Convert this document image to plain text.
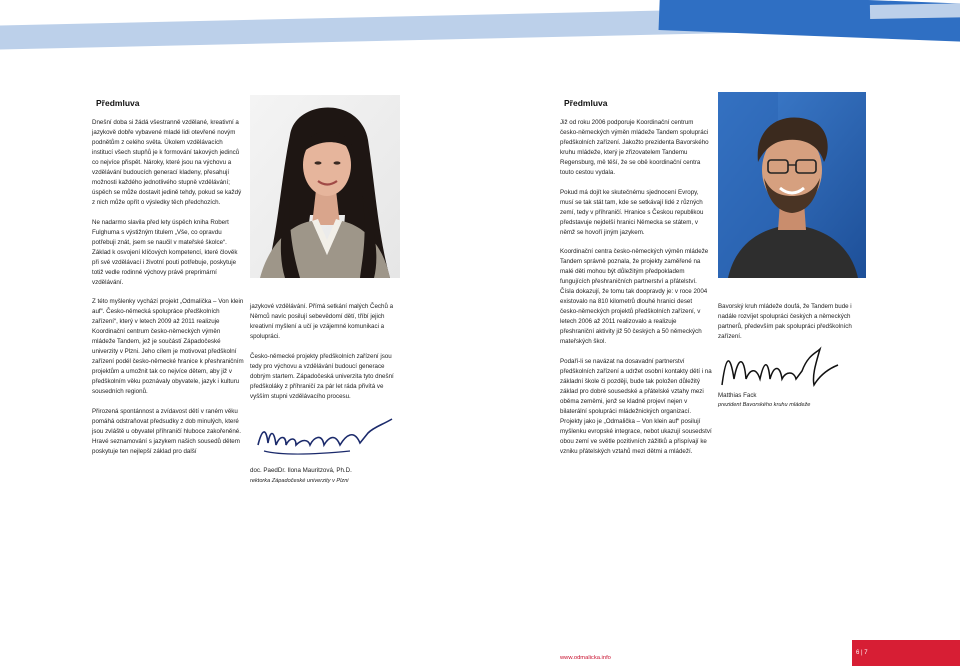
Předmluva

Dnešní doba si žádá všestranně vzdělané, kreativní a jazykově dobře vybavené mladé lidi otevřené novým podnětům z celého světa. Úkolem vzdělávacích institucí všech stupňů je k formování takových jedinců co nejvíce přispět. Nároky, které jsou na výchovu a vzdělávání budoucích generací kladeny, přesahují možnosti každého jednotlivého stupně vzdělávání; úspěch se může dostavit jedině tehdy, pokud se každý z nich může opřít o výsledky těch předchozích.

Ne nadarmo slavila před lety úspěch kniha Robert Fulghuma s výstižným titulem „Vše, co opravdu potřebuji znát, jsem se naučil v mateřské školce“. Základ k osvojení klíčových kompetencí, které člověk při své vzdělávací i životní pouti potřebuje, poskytuje totiž vedle rodinné výchovy právě preprimární vzdělávání.

Z této myšlenky vychází projekt „Odmalička – Von klein auf“. Česko-německá spolupráce předškolních zařízení“, který v letech 2009 až 2011 realizuje Koordinační centrum česko-německých výměn mládeže Tandem, jež je součástí Západočeské univerzity v Plzni. Jeho cílem je motivovat předškolní zařízení podél česko-německé hranice k přeshraničním projektům a umožnit tak co nejvíce dětem, aby již v předškolním věku poznávaly obyvatele, jazyk i kulturu sousedních regionů.

Přirozená spontánnost a zvídavost dětí v raném věku pomáhá odstraňovat předsudky z dob minulých, které jsou zvláště u obyvatel příhraničí hluboce zakořeněné. Hravé seznamování s jazykem našich sousedů dětem poskytuje ten nejlepší základ pro další

jazykové vzdělávání. Přímá setkání malých Čechů a Němců navíc posilují sebevědomí dětí, tříbí jejich kreativní myšlení a učí je vzájemné komunikaci a spolupráci.

Česko-německé projekty předškolních zařízení jsou tedy pro výchovu a vzdělávání budoucí generace dobrým startem. Západočeská univerzita tyto dnešní předškoláky z příhraničí za pár let ráda přivítá ve vyšším stupni vzdělávacího procesu.

doc. PaedDr. Ilona Mauritzová, Ph.D.
rektorka Západočeské univerzity v Plzni
Předmluva

Již od roku 2006 podporuje Koordinační centrum česko-německých výměn mládeže Tandem spolupráci předškolních zařízení. Jakožto prezidenta Bavorského kruhu mládeže, který je zřizovatelem Tandemu Regensburg, mě těší, že se obě koordinační centra touto cestou vydala.

Pokud má dojít ke skutečnému sjednocení Evropy, musí se tak stát tam, kde se setkávají lidé z různých zemí, tedy v příhraničí. Hranice s Českou republikou představuje nejdelší hranici Německa se státem, v němž se hovoří jiným jazykem.

Koordinační centra česko-německých výměn mládeže Tandem správně poznala, že projekty zaměřené na malé děti mohou být důležitým předpokladem fungujících přeshraničních partnerství a přátelství. Čísla dokazují, že tomu tak doopravdy je: v roce 2004 existovalo na 810 kilometrů dlouhé hranici deset česko-německých projektů předškolních zařízení, v letech 2006 až 2011 realizovalo a realizuje přeshraniční aktivity již 50 českých a 50 německých mateřských škol.

Podaří-li se navázat na dosavadní partnerství předškolních zařízení a udržet osobní kontakty dětí i na základní škole či později, bude tak položen důležitý základ pro dobré sousedské a přátelské vztahy mezi oběma zeměmi, jenž se kladně projeví nejen v bilaterální spolupráci mládežnických organizací. Projekty jako je „Odmalička – Von klein auf“ posilují myšlenku evropské integrace, nebot ukazují sousedství obou zemí ve světle pozitivních zážitků a přispívají ke vzniku přátelských vztahů mezi dětmi a mládeží.

Bavorský kruh mládeže doufá, že Tandem bude i nadále rozvíjet spolupráci českých a německých partnerů, především pak spolupráci předškolních zařízení.

Matthias Fack
prezident Bavorského kruhu mládeže
www.odmalicka.info
6 | 7
